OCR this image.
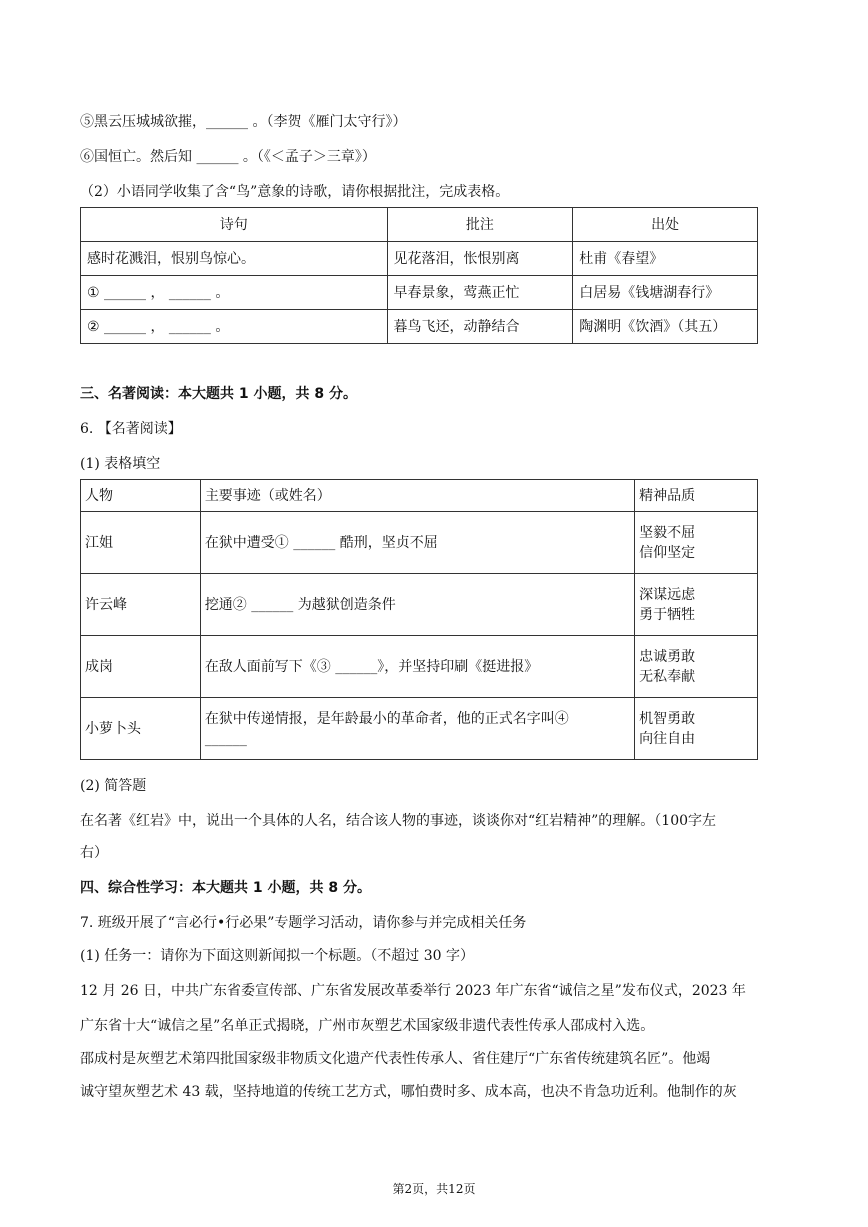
⑤黑云压城城欲摧，______ 。（李贺《雁门太守行》）
⑥国恒亡。然后知 ______ 。（《＜孟子＞三章》）
（2）小语同学收集了含“鸟”意象的诗歌，请你根据批注，完成表格。
诗句	批注	出处
感时花溅泪，恨别鸟惊心。	见花落泪，怅恨别离	杜甫《春望》
① ______ ， ______ 。	早春景象，莺燕正忙	白居易《钱塘湖春行》
② ______ ， ______ 。	暮鸟飞还，动静结合	陶渊明《饮酒》（其五）
三、名著阅读：本大题共 1 小题，共 8 分。
6. 【名著阅读】
(1) 表格填空
人物	主要事迹（或姓名）	精神品质
江姐	在狱中遭受① ______ 酷刑，坚贞不屈	坚毅不屈
信仰坚定

许云峰	挖通② ______ 为越狱创造条件	深谋远虑
勇于牺牲

成岗	在敌人面前写下《③ ______》，并坚持印刷《挺进报》	忠诚勇敢
无私奉献

小萝卜头	在狱中传递情报，是年龄最小的革命者，他的正式名字叫④
______	机智勇敢
向往自由
(2) 简答题
在名著《红岩》中，说出一个具体的人名，结合该人物的事迹，谈谈你对“红岩精神”的理解。（100字左
右）
四、综合性学习：本大题共 1 小题，共 8 分。
7. 班级开展了“言必行•行必果”专题学习活动，请你参与并完成相关任务
(1) 任务一：请你为下面这则新闻拟一个标题。（不超过 30 字）
12 月 26 日，中共广东省委宣传部、广东省发展改革委举行 2023 年广东省“诚信之星”发布仪式，2023 年
广东省十大“诚信之星”名单正式揭晓，广州市灰塑艺术国家级非遗代表性传承人邵成村入选。
邵成村是灰塑艺术第四批国家级非物质文化遗产代表性传承人、省住建厅“广东省传统建筑名匠”。他竭
诚守望灰塑艺术 43 载，坚持地道的传统工艺方式，哪怕费时多、成本高，也决不肯急功近利。他制作的灰
第2页，共12页
